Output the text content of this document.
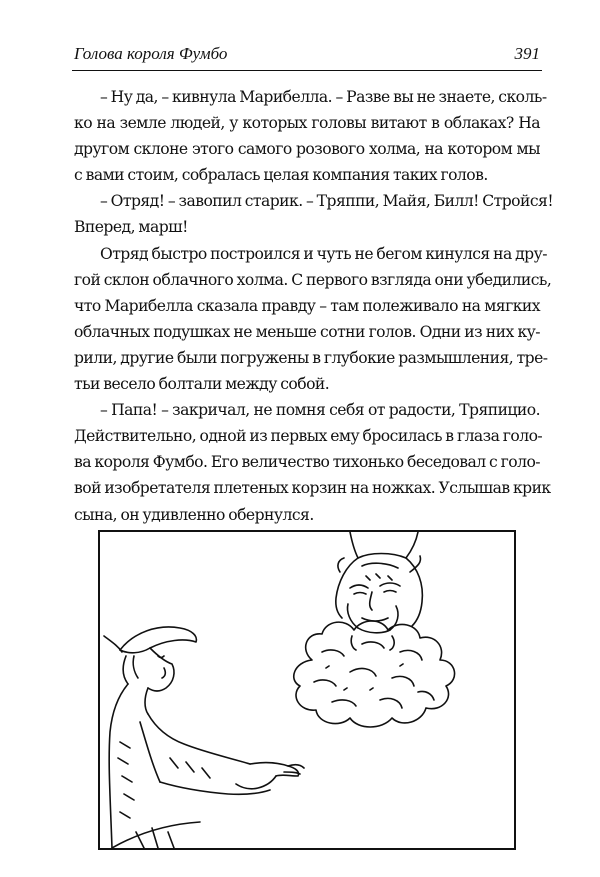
Голова короля Фумбо	391

– Ну да, – кивнула Марибелла. – Разве вы не знаете, сколь-
ко на земле людей, у которых головы витают в облаках? На
другом склоне этого самого розового холма, на котором мы
с вами стоим, собралась целая компания таких голов.

– Отряд! – завопил старик. – Тряппи, Майя, Билл! Стройся!
Вперед, марш!

Отряд быстро построился и чуть не бегом кинулся на дру-
гой склон облачного холма. С первого взгляда они убедились,
что Марибелла сказала правду – там полеживало на мягких
облачных подушках не меньше сотни голов. Одни из них ку-
рили, другие были погружены в глубокие размышления, тре-
тьи весело болтали между собой.

– Папа! – закричал, не помня себя от радости, Тряпицио.
Действительно, одной из первых ему бросилась в глаза голо-
ва короля Фумбо. Его величество тихонько беседовал с голо-
вой изобретателя плетеных корзин на ножках. Услышав крик
сына, он удивленно обернулся.
